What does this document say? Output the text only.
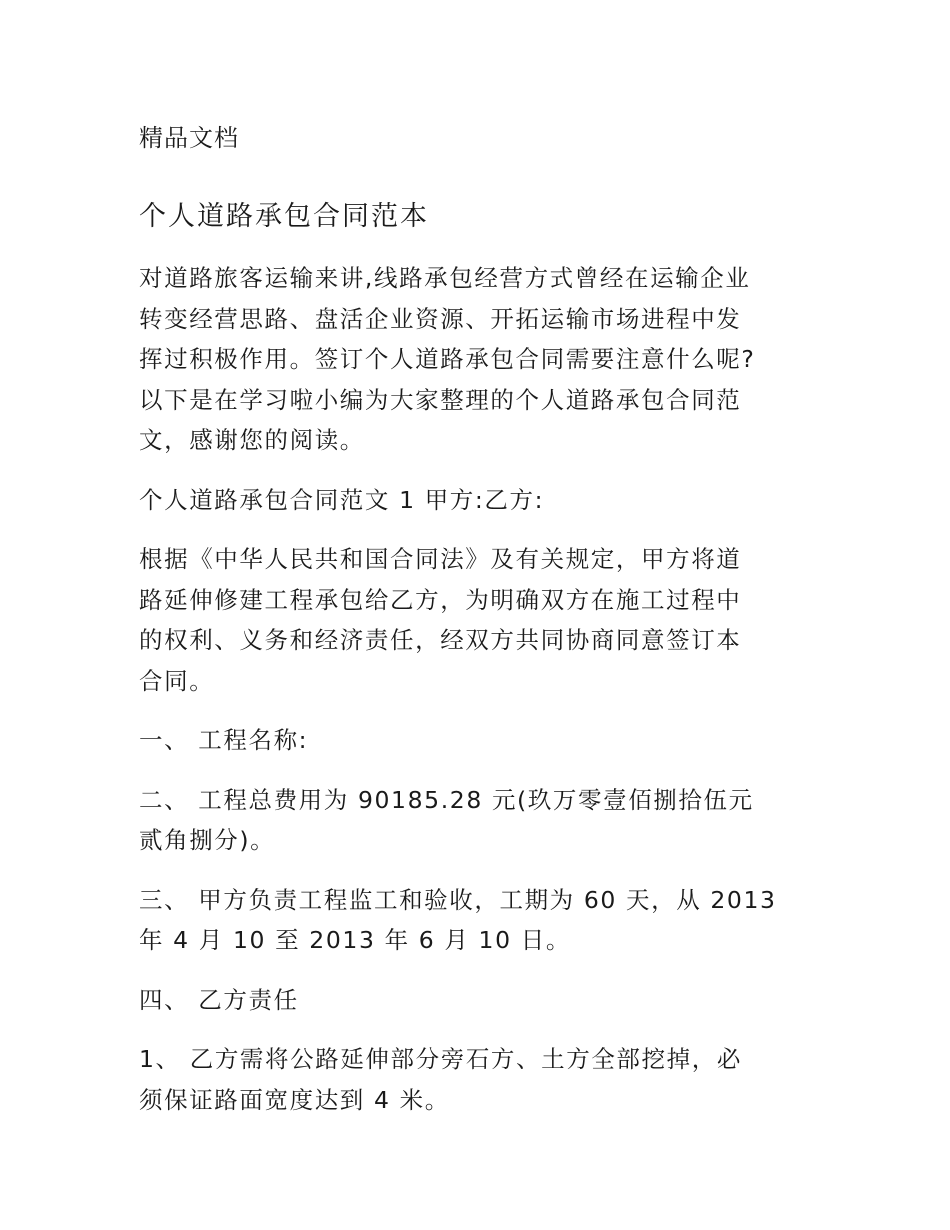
精品文档
个人道路承包合同范本
对道路旅客运输来讲,线路承包经营方式曾经在运输企业
转变经营思路、盘活企业资源、开拓运输市场进程中发
挥过积极作用。签订个人道路承包合同需要注意什么呢?
以下是在学习啦小编为大家整理的个人道路承包合同范
文，感谢您的阅读。
个人道路承包合同范文 1 甲方:乙方:
根据《中华人民共和国合同法》及有关规定，甲方将道
路延伸修建工程承包给乙方，为明确双方在施工过程中
的权利、义务和经济责任，经双方共同协商同意签订本
合同。
一、 工程名称:
二、 工程总费用为 90185.28 元(玖万零壹佰捌拾伍元
贰角捌分)。
三、 甲方负责工程监工和验收，工期为 60 天，从 2013
年 4 月 10 至 2013 年 6 月 10 日。
四、 乙方责任
1、 乙方需将公路延伸部分旁石方、土方全部挖掉，必
须保证路面宽度达到 4 米。
